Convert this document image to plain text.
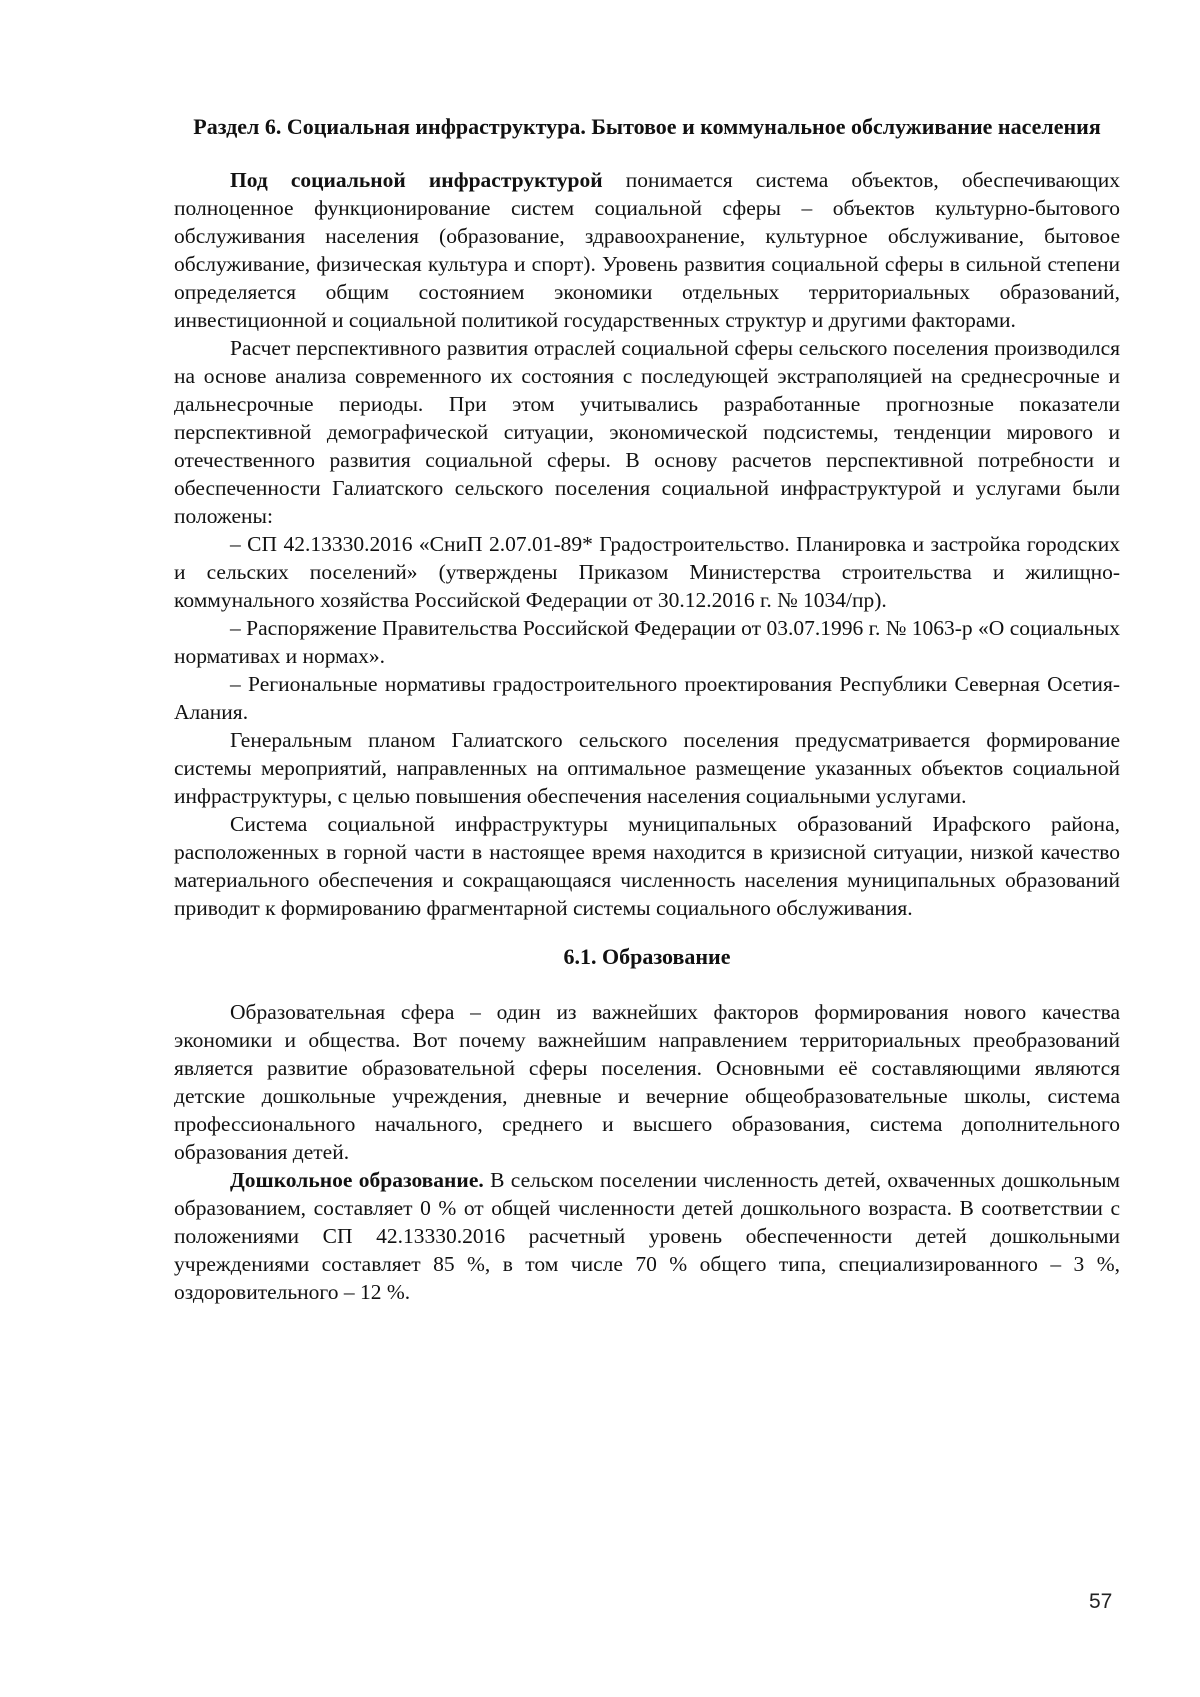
Раздел 6. Социальная инфраструктура. Бытовое и коммунальное обслуживание населения

Под социальной инфраструктурой понимается система объектов, обеспечивающих полноценное функционирование систем социальной сферы – объектов культурно-бытового обслуживания населения (образование, здравоохранение, культурное обслуживание, бытовое обслуживание, физическая культура и спорт). Уровень развития социальной сферы в сильной степени определяется общим состоянием экономики отдельных территориальных образований, инвестиционной и социальной политикой государственных структур и другими факторами.

Расчет перспективного развития отраслей социальной сферы сельского поселения производился на основе анализа современного их состояния с последующей экстраполяцией на среднесрочные и дальнесрочные периоды. При этом учитывались разработанные прогнозные показатели перспективной демографической ситуации, экономической подсистемы, тенденции мирового и отечественного развития социальной сферы. В основу расчетов перспективной потребности и обеспеченности Галиатского сельского поселения социальной инфраструктурой и услугами были положены:

– СП 42.13330.2016 «СниП 2.07.01-89* Градостроительство. Планировка и застройка городских и сельских поселений» (утверждены Приказом Министерства строительства и жилищно-коммунального хозяйства Российской Федерации от 30.12.2016 г. № 1034/пр).

– Распоряжение Правительства Российской Федерации от 03.07.1996 г. № 1063-р «О социальных нормативах и нормах».

– Региональные нормативы градостроительного проектирования Республики Северная Осетия-Алания.

Генеральным планом Галиатского сельского поселения предусматривается формирование системы мероприятий, направленных на оптимальное размещение указанных объектов социальной инфраструктуры, с целью повышения обеспечения населения социальными услугами.

Система социальной инфраструктуры муниципальных образований Ирафского района, расположенных в горной части в настоящее время находится в кризисной ситуации, низкой качество материального обеспечения и сокращающаяся численность населения муниципальных образований приводит к формированию фрагментарной системы социального обслуживания.

6.1. Образование

Образовательная сфера – один из важнейших факторов формирования нового качества экономики и общества. Вот почему важнейшим направлением территориальных преобразований является развитие образовательной сферы поселения. Основными её составляющими являются детские дошкольные учреждения, дневные и вечерние общеобразовательные школы, система профессионального начального, среднего и высшего образования, система дополнительного образования детей.

Дошкольное образование. В сельском поселении численность детей, охваченных дошкольным образованием, составляет 0 % от общей численности детей дошкольного возраста. В соответствии с положениями СП 42.13330.2016 расчетный уровень обеспеченности детей дошкольными учреждениями составляет 85 %, в том числе 70 % общего типа, специализированного – 3 %, оздоровительного – 12 %.

57
